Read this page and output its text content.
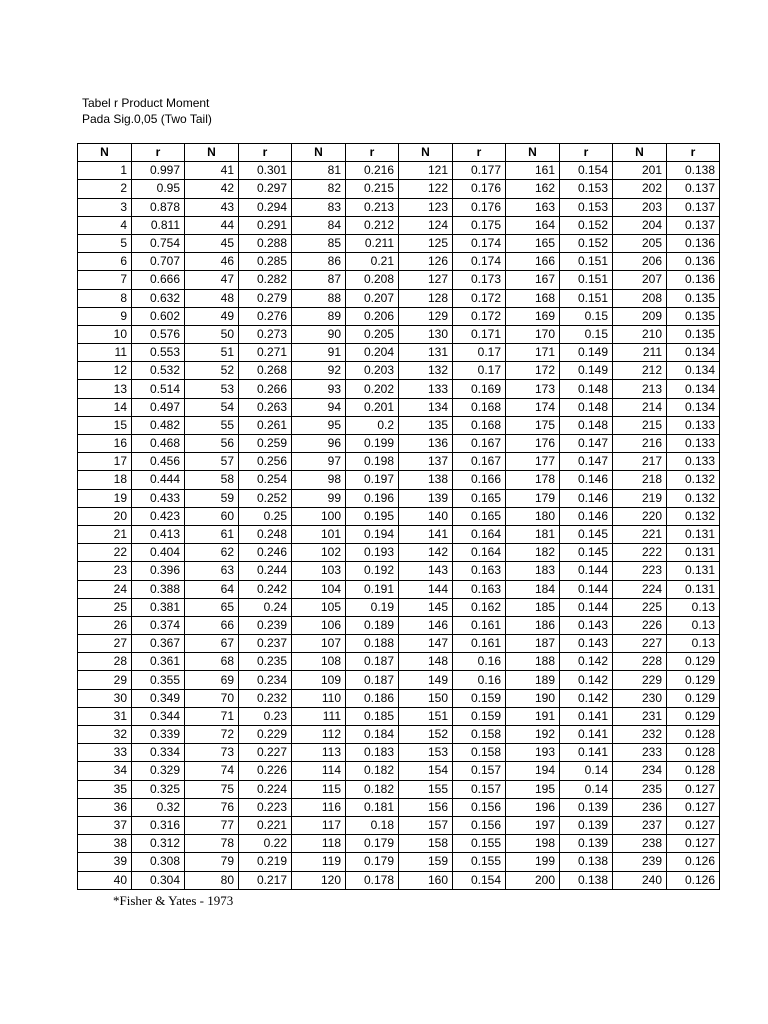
Tabel r Product Moment
Pada Sig.0,05 (Two Tail)
N	r	N	r	N	r	N	r	N	r	N	r
1	0.997	41	0.301	81	0.216	121	0.177	161	0.154	201	0.138
2	0.95	42	0.297	82	0.215	122	0.176	162	0.153	202	0.137
3	0.878	43	0.294	83	0.213	123	0.176	163	0.153	203	0.137
4	0.811	44	0.291	84	0.212	124	0.175	164	0.152	204	0.137
5	0.754	45	0.288	85	0.211	125	0.174	165	0.152	205	0.136
6	0.707	46	0.285	86	0.21	126	0.174	166	0.151	206	0.136
7	0.666	47	0.282	87	0.208	127	0.173	167	0.151	207	0.136
8	0.632	48	0.279	88	0.207	128	0.172	168	0.151	208	0.135
9	0.602	49	0.276	89	0.206	129	0.172	169	0.15	209	0.135
10	0.576	50	0.273	90	0.205	130	0.171	170	0.15	210	0.135
11	0.553	51	0.271	91	0.204	131	0.17	171	0.149	211	0.134
12	0.532	52	0.268	92	0.203	132	0.17	172	0.149	212	0.134
13	0.514	53	0.266	93	0.202	133	0.169	173	0.148	213	0.134
14	0.497	54	0.263	94	0.201	134	0.168	174	0.148	214	0.134
15	0.482	55	0.261	95	0.2	135	0.168	175	0.148	215	0.133
16	0.468	56	0.259	96	0.199	136	0.167	176	0.147	216	0.133
17	0.456	57	0.256	97	0.198	137	0.167	177	0.147	217	0.133
18	0.444	58	0.254	98	0.197	138	0.166	178	0.146	218	0.132
19	0.433	59	0.252	99	0.196	139	0.165	179	0.146	219	0.132
20	0.423	60	0.25	100	0.195	140	0.165	180	0.146	220	0.132
21	0.413	61	0.248	101	0.194	141	0.164	181	0.145	221	0.131
22	0.404	62	0.246	102	0.193	142	0.164	182	0.145	222	0.131
23	0.396	63	0.244	103	0.192	143	0.163	183	0.144	223	0.131
24	0.388	64	0.242	104	0.191	144	0.163	184	0.144	224	0.131
25	0.381	65	0.24	105	0.19	145	0.162	185	0.144	225	0.13
26	0.374	66	0.239	106	0.189	146	0.161	186	0.143	226	0.13
27	0.367	67	0.237	107	0.188	147	0.161	187	0.143	227	0.13
28	0.361	68	0.235	108	0.187	148	0.16	188	0.142	228	0.129
29	0.355	69	0.234	109	0.187	149	0.16	189	0.142	229	0.129
30	0.349	70	0.232	110	0.186	150	0.159	190	0.142	230	0.129
31	0.344	71	0.23	111	0.185	151	0.159	191	0.141	231	0.129
32	0.339	72	0.229	112	0.184	152	0.158	192	0.141	232	0.128
33	0.334	73	0.227	113	0.183	153	0.158	193	0.141	233	0.128
34	0.329	74	0.226	114	0.182	154	0.157	194	0.14	234	0.128
35	0.325	75	0.224	115	0.182	155	0.157	195	0.14	235	0.127
36	0.32	76	0.223	116	0.181	156	0.156	196	0.139	236	0.127
37	0.316	77	0.221	117	0.18	157	0.156	197	0.139	237	0.127
38	0.312	78	0.22	118	0.179	158	0.155	198	0.139	238	0.127
39	0.308	79	0.219	119	0.179	159	0.155	199	0.138	239	0.126
40	0.304	80	0.217	120	0.178	160	0.154	200	0.138	240	0.126
*Fisher & Yates - 1973
